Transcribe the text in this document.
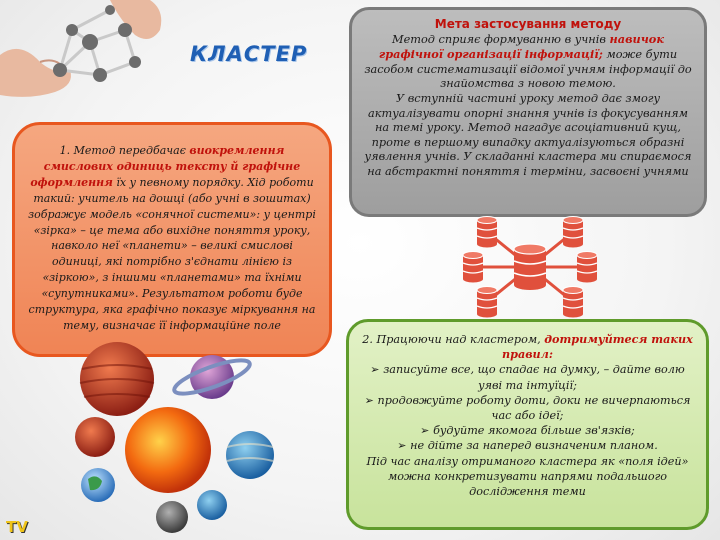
КЛАСТЕР
Мета застосування методу
Метод сприяє формуванню в учнів навичок графічної організації інформації; може бути засобом систематизації відомої учням інформації до знайомства з новою темою.
У вступній частині уроку метод дає змогу актуалізувати опорні знання учнів із фокусуванням на темі уроку. Метод нагадує асоціативний кущ, проте в першому випадку актуалізуються образні уявлення учнів. У складанні кластера ми спираємося на абстрактні поняття і терміни, засвоєні учнями
1. Метод передбачає виокремлення смислових одиниць тексту й графічне оформлення їх у певному порядку. Хід роботи такий: учитель на дошці (або учні в зошитах) зображує модель «сонячної системи»: у центрі «зірка» – це тема або вихідне поняття уроку, навколо неї «планети» – великі смислові одиниці, які потрібно з'єднати лінією із «зіркою», з іншими «планетами» та їхніми «супутниками». Результатом роботи буде структура, яка графічно показує міркування на тему, визначає її інформаційне поле
2. Працюючи над кластером, дотримуйтеся таких правил:
➢ записуйте все, що спадає на думку, – дайте волю уяві та інтуїції;
➢ продовжуйте роботу доти, доки не вичерпаються час або ідеї;
➢ будуйте якомога більше зв'язків;
➢ не дійте за наперед визначеним планом.
Під час аналізу отриманого кластера як «поля ідей» можна конкретизувати напрями подальшого дослідження теми
TV
